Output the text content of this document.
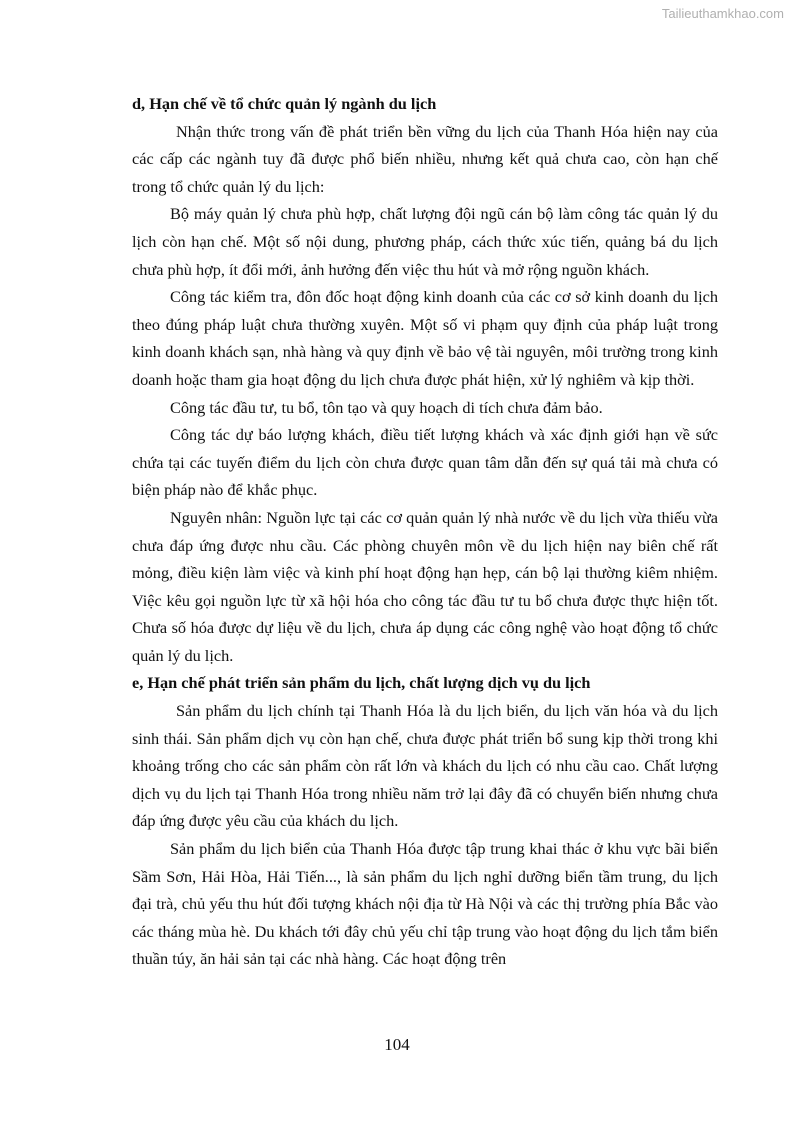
Tailieuthamkhao.com
d, Hạn chế về tổ chức quản lý ngành du lịch

Nhận thức trong vấn đề phát triển bền vững du lịch của Thanh Hóa hiện nay của các cấp các ngành tuy đã được phổ biến nhiều, nhưng kết quả chưa cao, còn hạn chế trong tổ chức quản lý du lịch:

Bộ máy quản lý chưa phù hợp, chất lượng đội ngũ cán bộ làm công tác quản lý du lịch còn hạn chế. Một số nội dung, phương pháp, cách thức xúc tiến, quảng bá du lịch chưa phù hợp, ít đổi mới, ảnh hưởng đến việc thu hút và mở rộng nguồn khách.

Công tác kiểm tra, đôn đốc hoạt động kinh doanh của các cơ sở kinh doanh du lịch theo đúng pháp luật chưa thường xuyên. Một số vi phạm quy định của pháp luật trong kinh doanh khách sạn, nhà hàng và quy định về bảo vệ tài nguyên, môi trường trong kinh doanh hoặc tham gia hoạt động du lịch chưa được phát hiện, xử lý nghiêm và kịp thời.

Công tác đầu tư, tu bổ, tôn tạo và quy hoạch di tích chưa đảm bảo.

Công tác dự báo lượng khách, điều tiết lượng khách và xác định giới hạn về sức chứa tại các tuyến điểm du lịch còn chưa được quan tâm dẫn đến sự quá tải mà chưa có biện pháp nào để khắc phục.

Nguyên nhân: Nguồn lực tại các cơ quản quản lý nhà nước về du lịch vừa thiếu vừa chưa đáp ứng được nhu cầu. Các phòng chuyên môn về du lịch hiện nay biên chế rất mỏng, điều kiện làm việc và kinh phí hoạt động hạn hẹp, cán bộ lại thường kiêm nhiệm. Việc kêu gọi nguồn lực từ xã hội hóa cho công tác đầu tư tu bổ chưa được thực hiện tốt. Chưa số hóa được dự liệu về du lịch, chưa áp dụng các công nghệ vào hoạt động tổ chức quản lý du lịch.

e, Hạn chế phát triển sản phẩm du lịch, chất lượng dịch vụ du lịch

Sản phẩm du lịch chính tại Thanh Hóa là du lịch biển, du lịch văn hóa và du lịch sinh thái. Sản phẩm dịch vụ còn hạn chế, chưa được phát triển bổ sung kịp thời trong khi khoảng trống cho các sản phẩm còn rất lớn và khách du lịch có nhu cầu cao. Chất lượng dịch vụ du lịch tại Thanh Hóa trong nhiều năm trở lại đây đã có chuyển biến nhưng chưa đáp ứng được yêu cầu của khách du lịch.

Sản phẩm du lịch biển của Thanh Hóa được tập trung khai thác ở khu vực bãi biển Sầm Sơn, Hải Hòa, Hải Tiến..., là sản phẩm du lịch nghỉ dưỡng biển tầm trung, du lịch đại trà, chủ yếu thu hút đối tượng khách nội địa từ Hà Nội và các thị trường phía Bắc vào các tháng mùa hè. Du khách tới đây chủ yếu chỉ tập trung vào hoạt động du lịch tắm biển thuần túy, ăn hải sản tại các nhà hàng. Các hoạt động trên

104
